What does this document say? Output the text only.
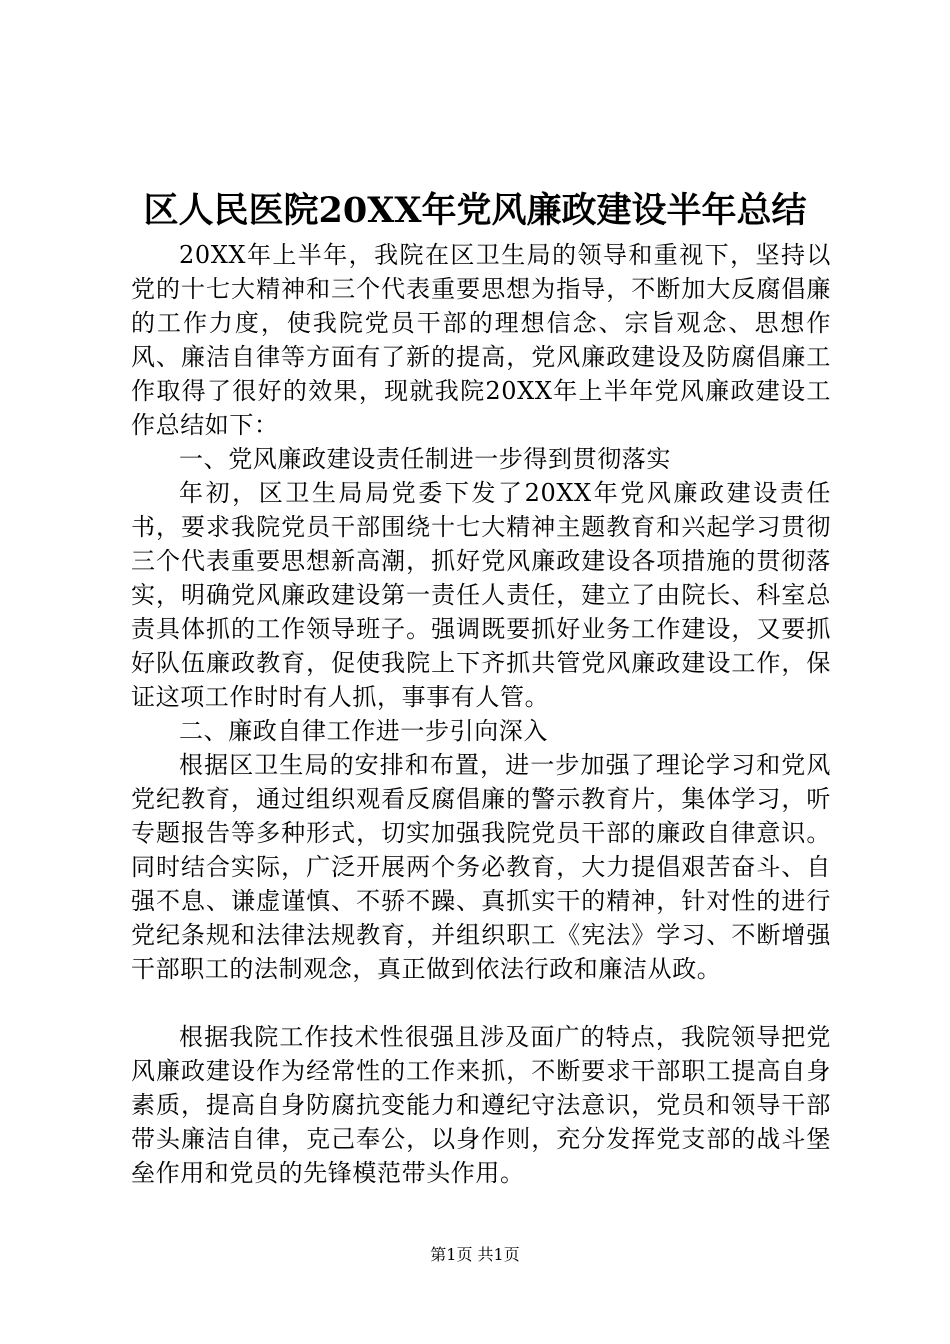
区人民医院20XX年党风廉政建设半年总结

20XX年上半年，我院在区卫生局的领导和重视下，坚持以党的十七大精神和三个代表重要思想为指导，不断加大反腐倡廉的工作力度，使我院党员干部的理想信念、宗旨观念、思想作风、廉洁自律等方面有了新的提高，党风廉政建设及防腐倡廉工作取得了很好的效果，现就我院20XX年上半年党风廉政建设工作总结如下：

一、党风廉政建设责任制进一步得到贯彻落实

年初，区卫生局局党委下发了20XX年党风廉政建设责任书，要求我院党员干部围绕十七大精神主题教育和兴起学习贯彻三个代表重要思想新高潮，抓好党风廉政建设各项措施的贯彻落实，明确党风廉政建设第一责任人责任，建立了由院长、科室总责具体抓的工作领导班子。强调既要抓好业务工作建设，又要抓好队伍廉政教育，促使我院上下齐抓共管党风廉政建设工作，保证这项工作时时有人抓，事事有人管。

二、廉政自律工作进一步引向深入

根据区卫生局的安排和布置，进一步加强了理论学习和党风党纪教育，通过组织观看反腐倡廉的警示教育片，集体学习，听专题报告等多种形式，切实加强我院党员干部的廉政自律意识。同时结合实际，广泛开展两个务必教育，大力提倡艰苦奋斗、自强不息、谦虚谨慎、不骄不躁、真抓实干的精神，针对性的进行党纪条规和法律法规教育，并组织职工《宪法》学习、不断增强干部职工的法制观念，真正做到依法行政和廉洁从政。

根据我院工作技术性很强且涉及面广的特点，我院领导把党风廉政建设作为经常性的工作来抓，不断要求干部职工提高自身素质，提高自身防腐抗变能力和遵纪守法意识，党员和领导干部带头廉洁自律，克己奉公，以身作则，充分发挥党支部的战斗堡垒作用和党员的先锋模范带头作用。

第1页 共1页
